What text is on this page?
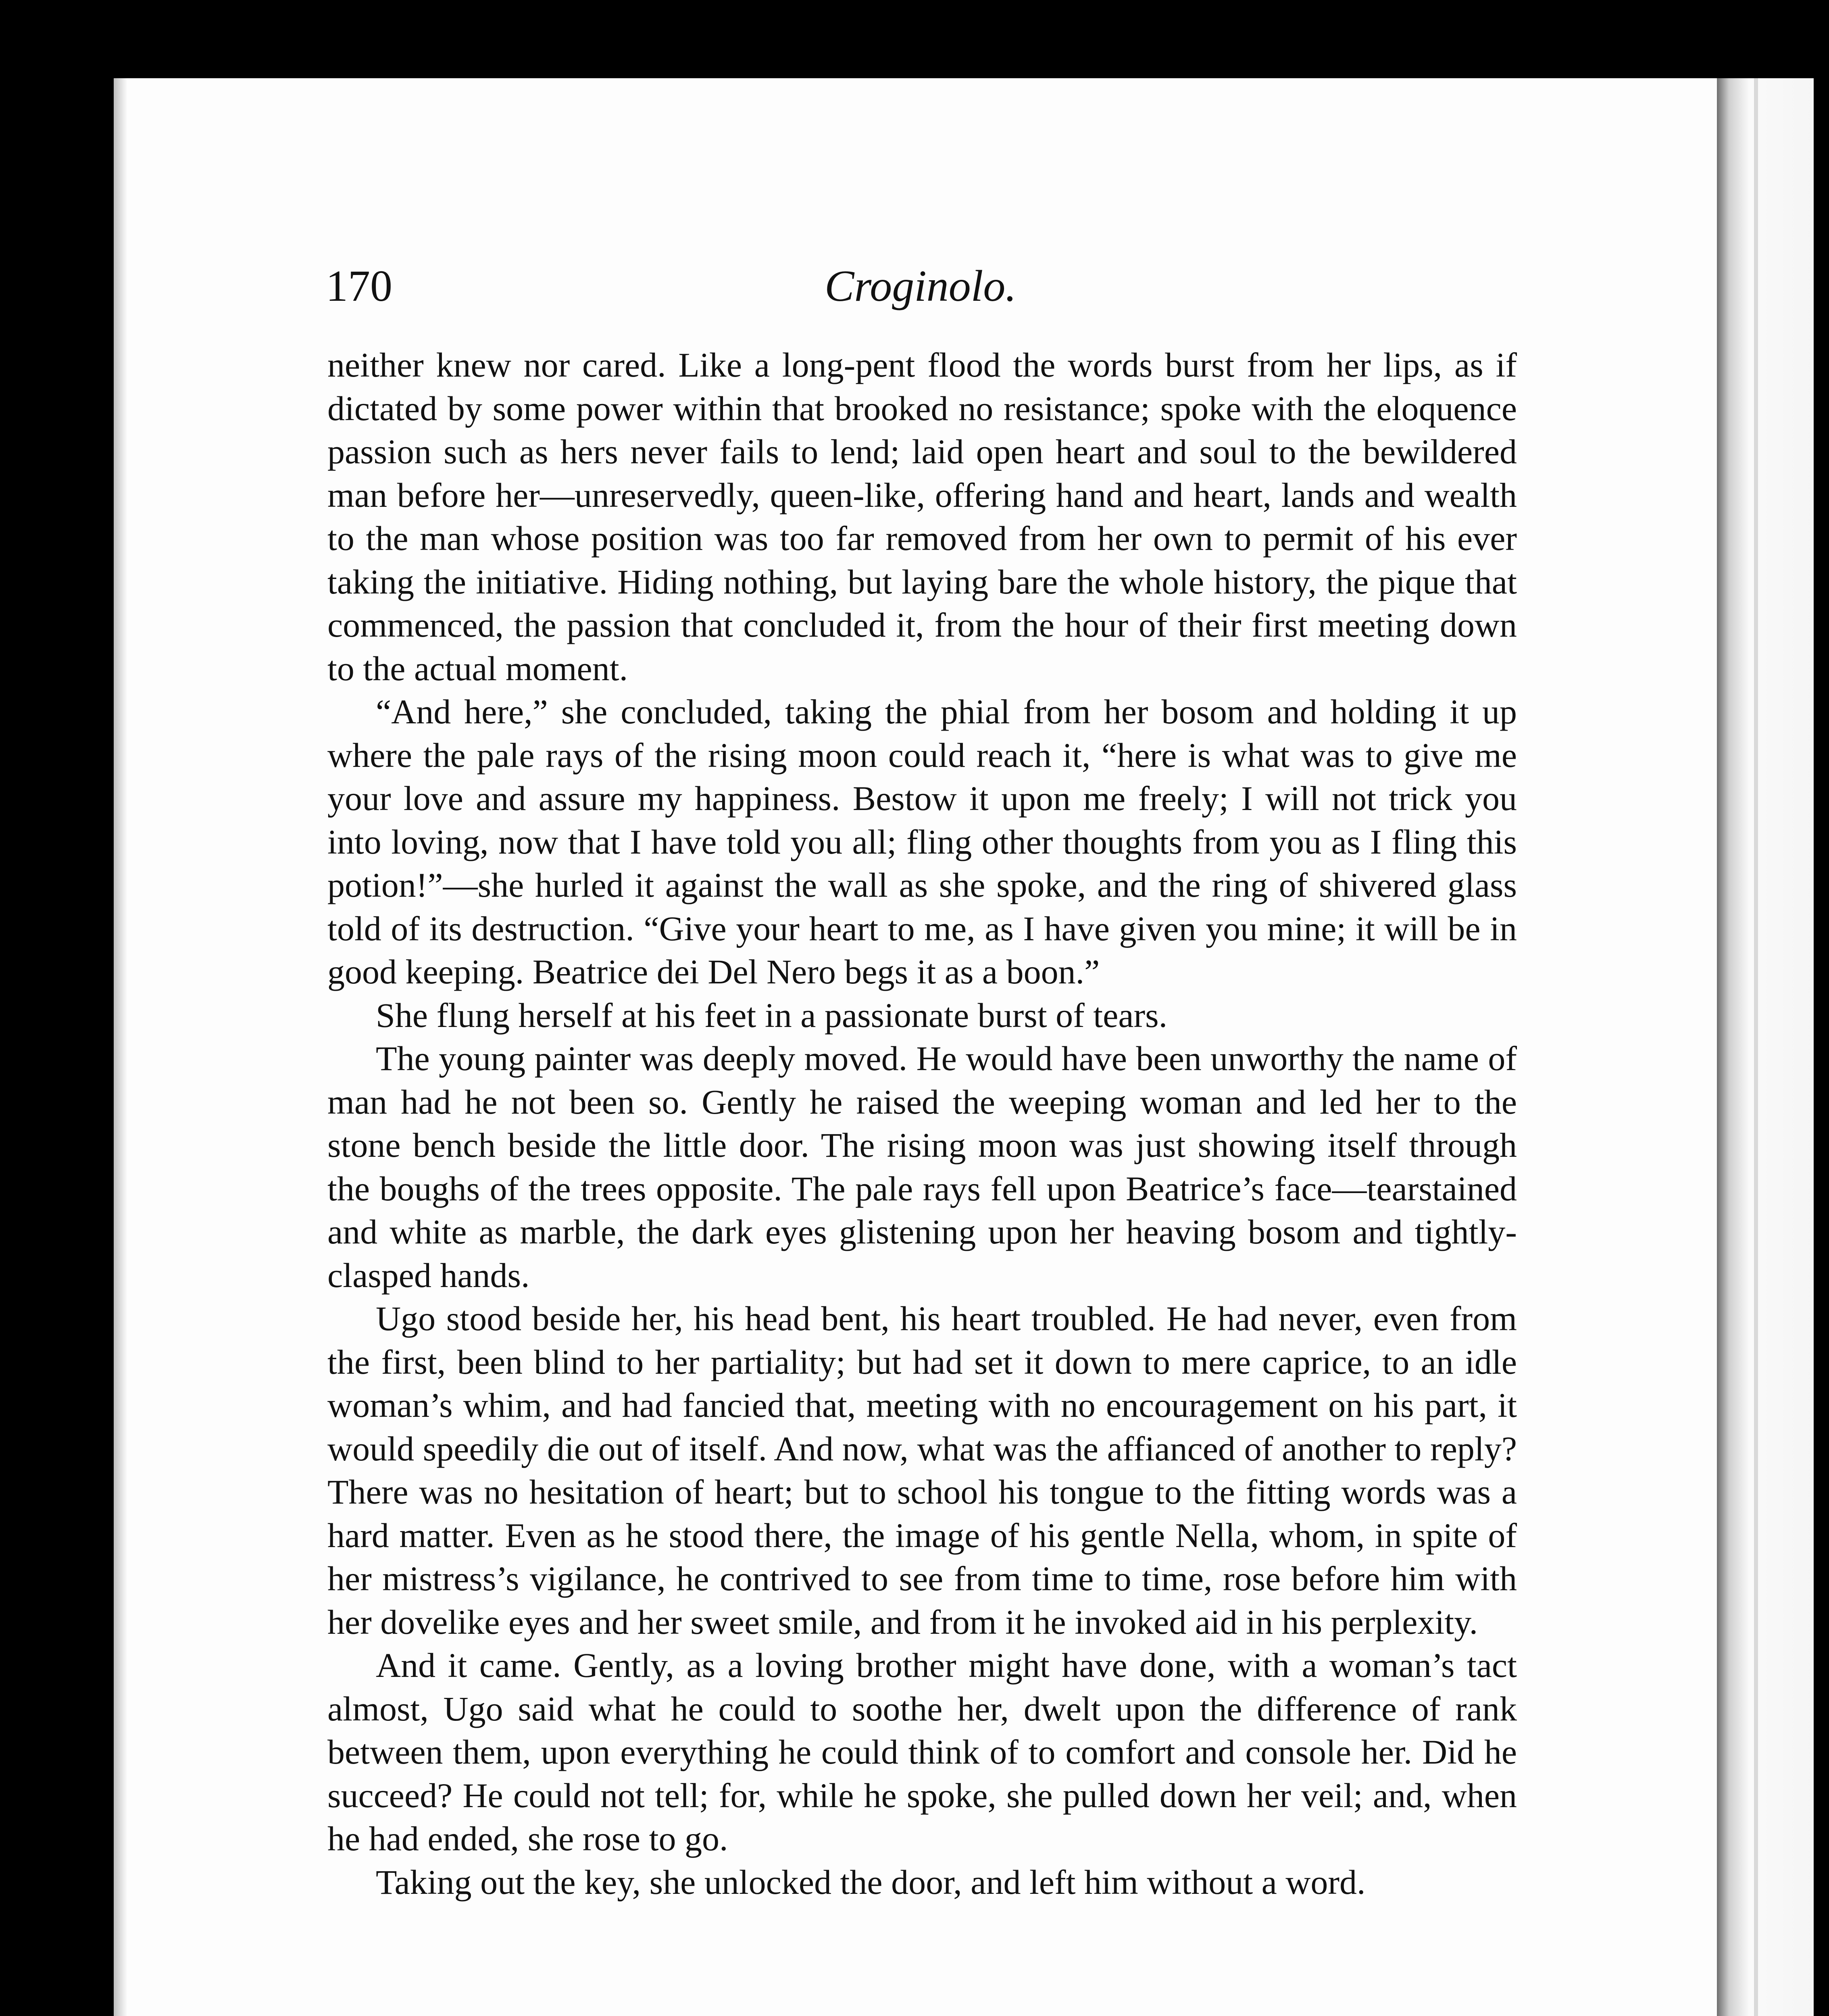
170	Croginolo.

neither knew nor cared. Like a long-pent flood the words burst from her lips, as if dictated by some power within that brooked no resistance; spoke with the eloquence passion such as hers never fails to lend; laid open heart and soul to the bewildered man before her—unreservedly, queen-like, offering hand and heart, lands and wealth to the man whose position was too far removed from her own to permit of his ever taking the initiative. Hiding nothing, but laying bare the whole history, the pique that commenced, the passion that concluded it, from the hour of their first meeting down to the actual moment.

“And here,” she concluded, taking the phial from her bosom and holding it up where the pale rays of the rising moon could reach it, “here is what was to give me your love and assure my happiness. Bestow it upon me freely; I will not trick you into loving, now that I have told you all; fling other thoughts from you as I fling this potion!”—she hurled it against the wall as she spoke, and the ring of shivered glass told of its destruction. “Give your heart to me, as I have given you mine; it will be in good keeping. Beatrice dei Del Nero begs it as a boon.”

She flung herself at his feet in a passionate burst of tears.

The young painter was deeply moved. He would have been unworthy the name of man had he not been so. Gently he raised the weeping woman and led her to the stone bench beside the little door. The rising moon was just showing itself through the boughs of the trees opposite. The pale rays fell upon Beatrice’s face—tearstained and white as marble, the dark eyes glistening upon her heaving bosom and tightly-clasped hands.

Ugo stood beside her, his head bent, his heart troubled. He had never, even from the first, been blind to her partiality; but had set it down to mere caprice, to an idle woman’s whim, and had fancied that, meeting with no encouragement on his part, it would speedily die out of itself. And now, what was the affianced of another to reply? There was no hesitation of heart; but to school his tongue to the fitting words was a hard matter. Even as he stood there, the image of his gentle Nella, whom, in spite of her mistress’s vigilance, he contrived to see from time to time, rose before him with her dovelike eyes and her sweet smile, and from it he invoked aid in his perplexity.

And it came. Gently, as a loving brother might have done, with a woman’s tact almost, Ugo said what he could to soothe her, dwelt upon the difference of rank between them, upon everything he could think of to comfort and console her. Did he succeed? He could not tell; for, while he spoke, she pulled down her veil; and, when he had ended, she rose to go.

Taking out the key, she unlocked the door, and left him without a word.
